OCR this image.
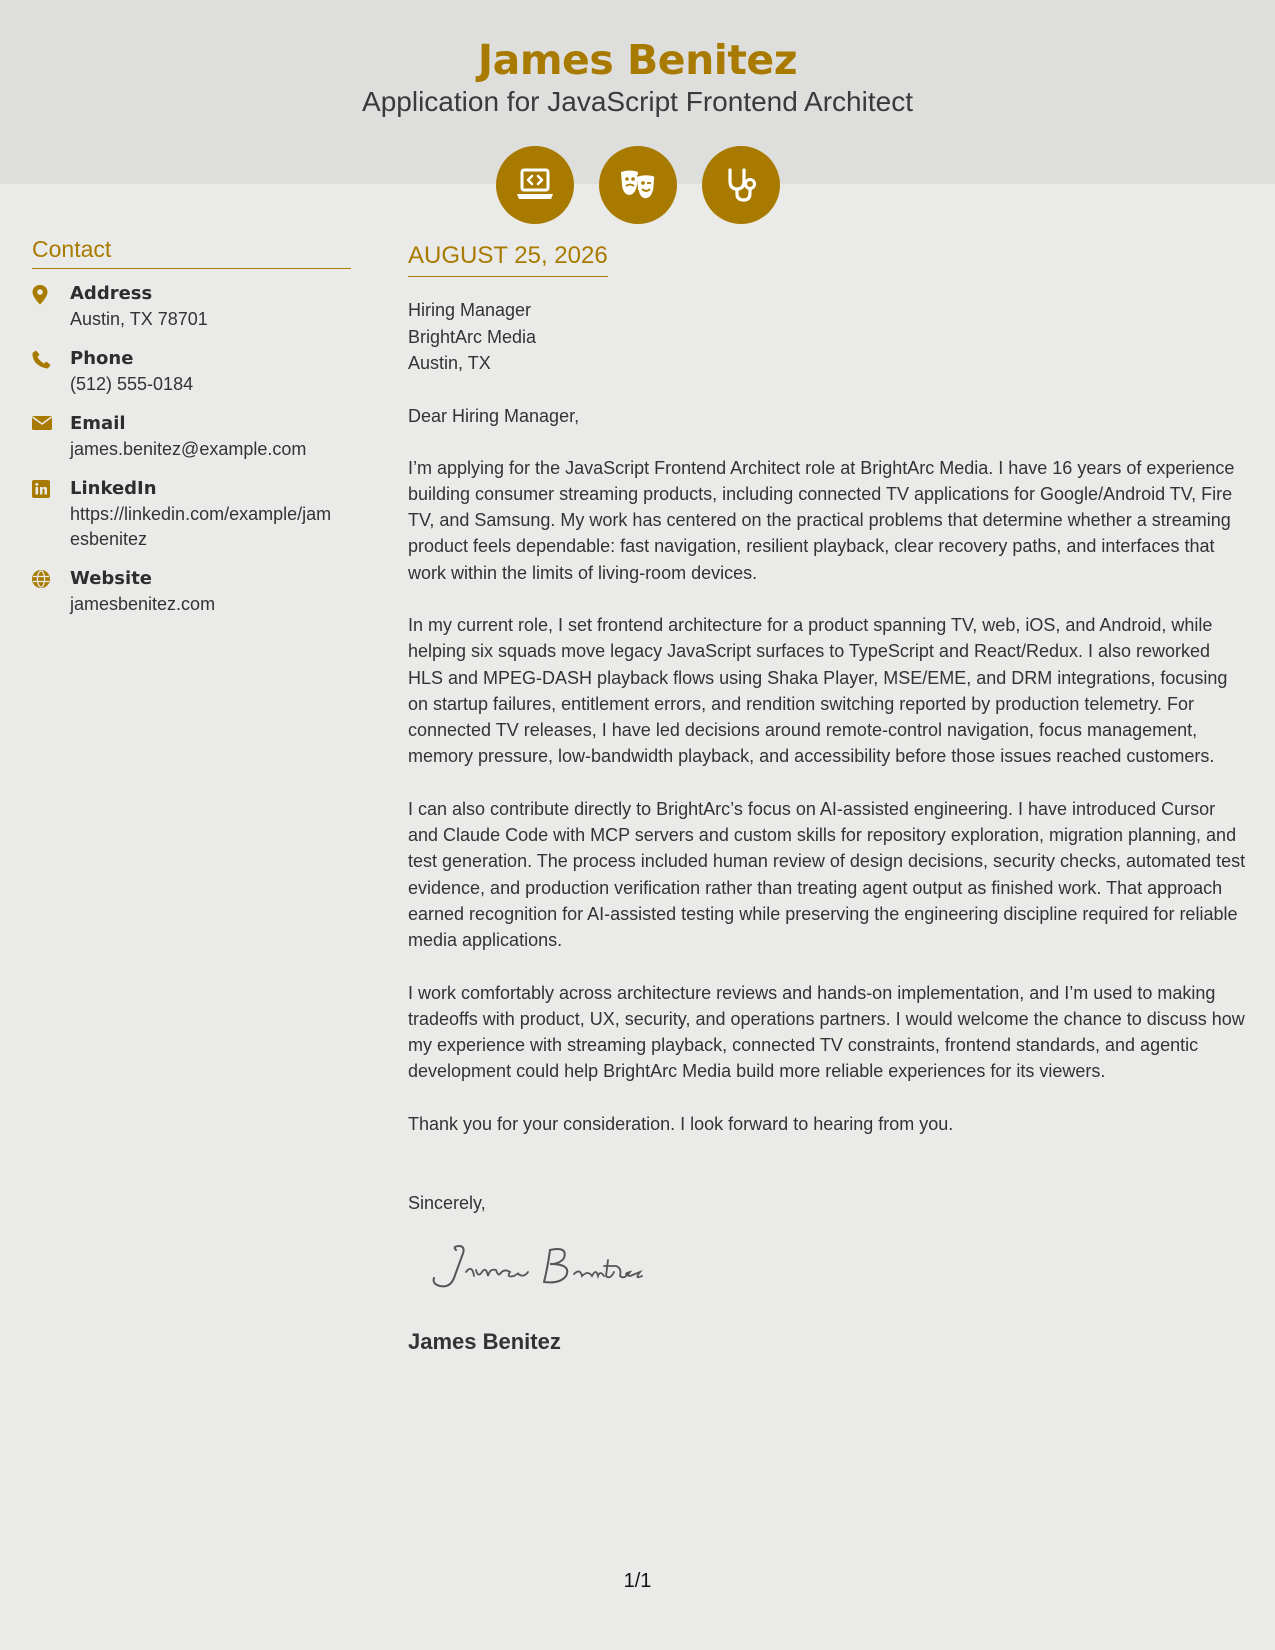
James Benitez
Application for JavaScript Frontend Architect
Contact
Address
Austin, TX 78701
Phone
(512) 555-0184
Email
james.benitez@example.com
LinkedIn
https://linkedin.com/example/jamesbenitez
Website
jamesbenitez.com
AUGUST 25, 2026
Hiring Manager
BrightArc Media
Austin, TX
Dear Hiring Manager,
I’m applying for the JavaScript Frontend Architect role at BrightArc Media. I have 16 years of experience building consumer streaming products, including connected TV applications for Google/Android TV, Fire TV, and Samsung. My work has centered on the practical problems that determine whether a streaming product feels dependable: fast navigation, resilient playback, clear recovery paths, and interfaces that work within the limits of living-room devices.
In my current role, I set frontend architecture for a product spanning TV, web, iOS, and Android, while helping six squads move legacy JavaScript surfaces to TypeScript and React/Redux. I also reworked HLS and MPEG-DASH playback flows using Shaka Player, MSE/EME, and DRM integrations, focusing on startup failures, entitlement errors, and rendition switching reported by production telemetry. For connected TV releases, I have led decisions around remote-control navigation, focus management, memory pressure, low-bandwidth playback, and accessibility before those issues reached customers.
I can also contribute directly to BrightArc’s focus on AI-assisted engineering. I have introduced Cursor and Claude Code with MCP servers and custom skills for repository exploration, migration planning, and test generation. The process included human review of design decisions, security checks, automated test evidence, and production verification rather than treating agent output as finished work. That approach earned recognition for AI-assisted testing while preserving the engineering discipline required for reliable media applications.
I work comfortably across architecture reviews and hands-on implementation, and I’m used to making tradeoffs with product, UX, security, and operations partners. I would welcome the chance to discuss how my experience with streaming playback, connected TV constraints, frontend standards, and agentic development could help BrightArc Media build more reliable experiences for its viewers.
Thank you for your consideration. I look forward to hearing from you.
Sincerely,
James Benitez
James Benitez
1/1
